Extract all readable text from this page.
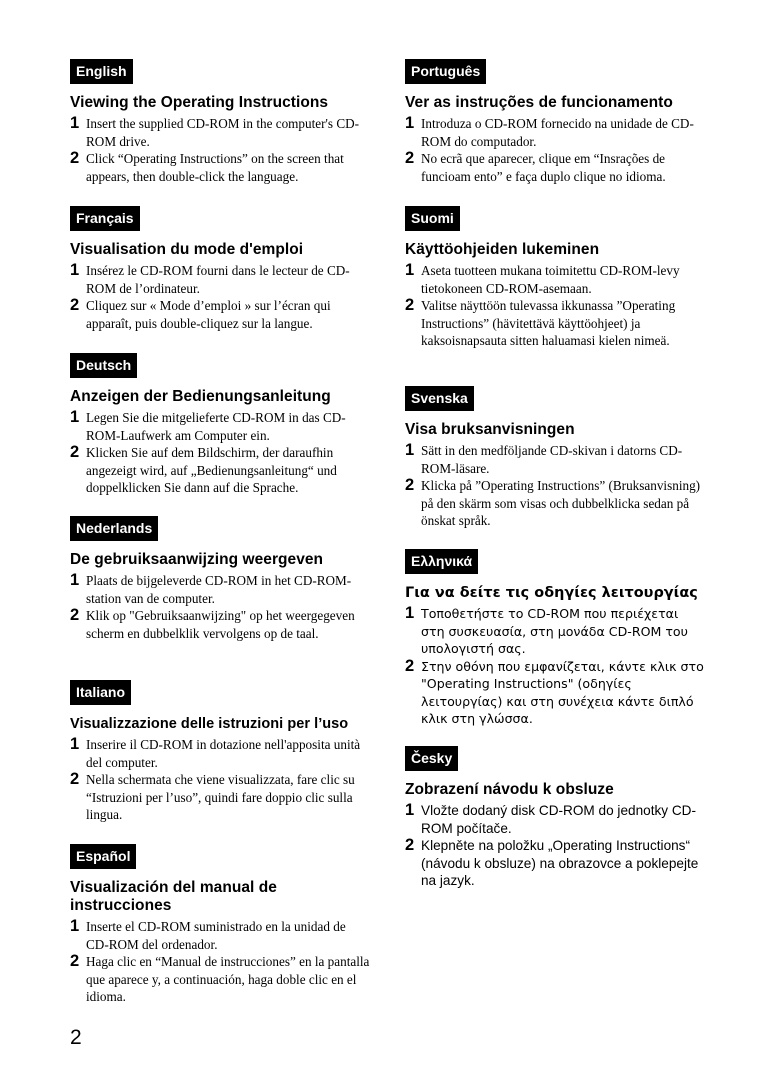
English
Viewing the Operating Instructions
1 Insert the supplied CD-ROM in the computer's CD-ROM drive.
2 Click “Operating Instructions” on the screen that appears, then double-click the language.
Français
Visualisation du mode d'emploi
1 Insérez le CD-ROM fourni dans le lecteur de CD-ROM de l’ordinateur.
2 Cliquez sur « Mode d’emploi » sur l’écran qui apparaît, puis double-cliquez sur la langue.
Deutsch
Anzeigen der Bedienungsanleitung
1 Legen Sie die mitgelieferte CD-ROM in das CD-ROM-Laufwerk am Computer ein.
2 Klicken Sie auf dem Bildschirm, der daraufhin angezeigt wird, auf „Bedienungsanleitung“ und doppelklicken Sie dann auf die Sprache.
Nederlands
De gebruiksaanwijzing weergeven
1 Plaats de bijgeleverde CD-ROM in het CD-ROM-station van de computer.
2 Klik op "Gebruiksaanwijzing" op het weergegeven scherm en dubbelklik vervolgens op de taal.
Italiano
Visualizzazione delle istruzioni per l’uso
1 Inserire il CD-ROM in dotazione nell'apposita unità del computer.
2 Nella schermata che viene visualizzata, fare clic su “Istruzioni per l’uso”, quindi fare doppio clic sulla lingua.
Español
Visualización del manual de instrucciones
1 Inserte el CD-ROM suministrado en la unidad de CD-ROM del ordenador.
2 Haga clic en “Manual de instrucciones” en la pantalla que aparece y, a continuación, haga doble clic en el idioma.
Português
Ver as instruções de funcionamento
1 Introduza o CD-ROM fornecido na unidade de CD-ROM do computador.
2 No ecrã que aparecer, clique em “Insrações de funcioam ento” e faça duplo clique no idioma.
Suomi
Käyttöohjeiden lukeminen
1 Aseta tuotteen mukana toimitettu CD-ROM-levy tietokoneen CD-ROM-asemaan.
2 Valitse näyttöön tulevassa ikkunassa ”Operating Instructions” (hävitettävä käyttöohjeet) ja kaksoisnapsauta sitten haluamasi kielen nimeä.
Svenska
Visa bruksanvisningen
1 Sätt in den medföljande CD-skivan i datorns CD-ROM-läsare.
2 Klicka på ”Operating Instructions” (Bruksanvisning) på den skärm som visas och dubbelklicka sedan på önskat språk.
Ελληνικά
Για να δείτε τις οδηγίες λειτουργίας
1 Τοποθετήστε το CD-ROM που περιέχεται στη συσκευασία, στη μονάδα CD-ROM του υπολογιστή σας.
2 Στην οθόνη που εμφανίζεται, κάντε κλικ στο "Operating Instructions" (οδηγίες λειτουργίας) και στη συνέχεια κάντε διπλό κλικ στη γλώσσα.
Česky
Zobrazení návodu k obsluze
1 Vložte dodaný disk CD-ROM do jednotky CD-ROM počítače.
2 Klepněte na položku „Operating Instructions“ (návodu k obsluze) na obrazovce a poklepejte na jazyk.
2
